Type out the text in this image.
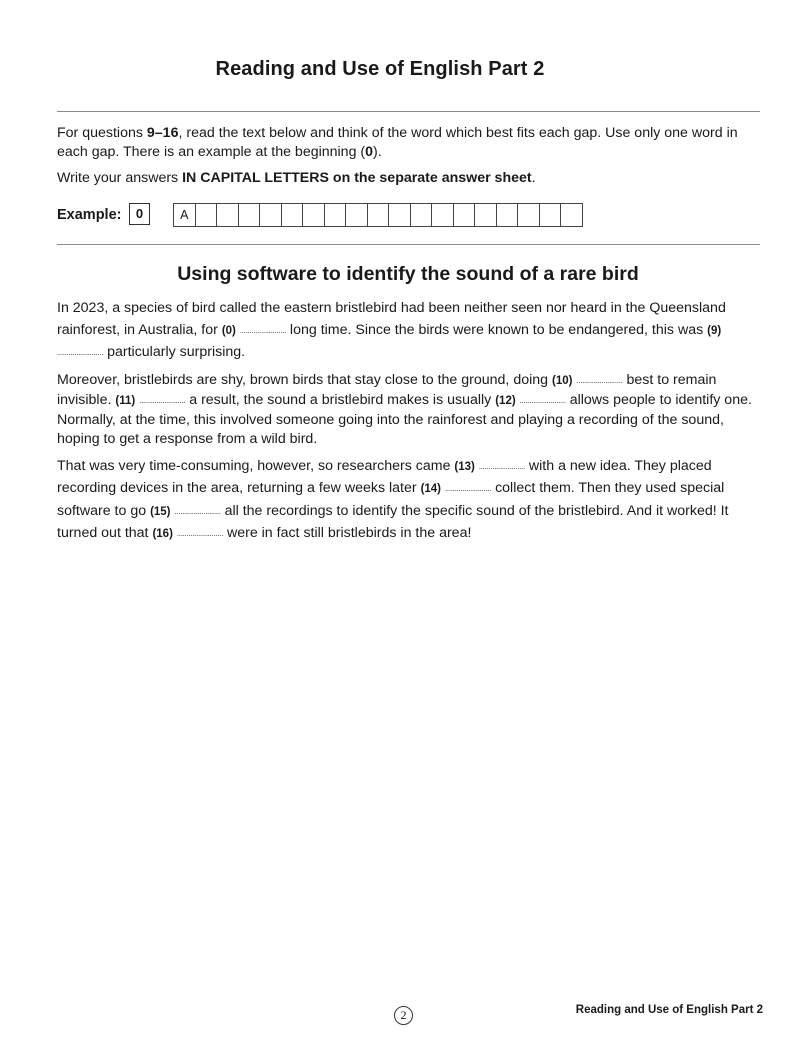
Reading and Use of English Part 2

For questions 9–16, read the text below and think of the word which best fits each gap. Use only one word in each gap. There is an example at the beginning (0).

Write your answers IN CAPITAL LETTERS on the separate answer sheet.

Example:	0	A
Using software to identify the sound of a rare bird

In 2023, a species of bird called the eastern bristlebird had been neither seen nor heard in the Queensland rainforest, in Australia, for (0) ........................ long time. Since the birds were known to be endangered, this was (9) ........................ particularly surprising.

Moreover, bristlebirds are shy, brown birds that stay close to the ground, doing (10) ........................ best to remain invisible. (11) ........................ a result, the sound a bristlebird makes is usually (12) ........................ allows people to identify one. Normally, at the time, this involved someone going into the rainforest and playing a recording of the sound, hoping to get a response from a wild bird.

That was very time-consuming, however, so researchers came (13) ........................ with a new idea. They placed recording devices in the area, returning a few weeks later (14) ........................ collect them. Then they used special software to go (15) ........................ all the recordings to identify the specific sound of the bristlebird. And it worked! It turned out that (16) ........................ were in fact still bristlebirds in the area!

2	Reading and Use of English Part 2
